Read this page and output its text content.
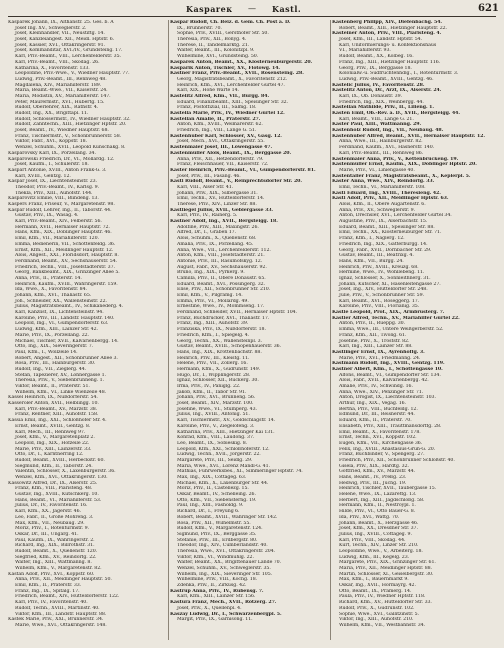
Kaspareк — Kastl.	621
Kasparek Johann, IX., Althanstr. 25. Ges. b. A
Josef Ing. XV., Schweglerstr. 2.
Josef, Kleinhändler, VII., Neustiftg. 14.
Josef, Kanzleiangest. XII., Meidl. Hptstr. 6.
Josef, Kassier, XVI., Ottakringerstr. 91.
Josef, Kommanditär, XVI./IV., Grundsteing. 17.
Karl, Priv.-Beamt., VIII., Lerchenfelderstr. 35.
Karl, Priv.-Beamt., VIII., Skodag. 26.
Katharina, X., Favoritenstr. 133.
Leopoldine, Priv.-Wwe., V., Wiedner Hauptstr. 77.
Ludwig, Priv.-Beamt., III., Rennweg 48.
Magdalena, XIV., Mariahilferstr. 189.
Maria, Beamt.-Wwe., VII., Kaiserstr. 24.
Maria, Modistin, XV., Mariahilferstr. 147.
Peter, Maurermstr., XVI., Hubertg. 15.
Rudolf, Oberlehrer, XIX., Rathstr. 4.
Rudolf, Ing., XX., Brigittapl. 11.
Rudolf, Schlossermstr., IV., Wiedner Hauptstr. 32.
Rudolf, Zahntechn., XIII., Hietzinger Hptstr. 20.
Josef, Beamt., IV., Wiedner Hauptstr. 68.
Franz, Tischlermstr., V., Schönbrunnerstr. 58.
Viktor, Fabr., XVI., Koppstr. 18.
Wenzel, Schuhm., XVII., Leopold Kunschakg. 8.
Kasparovsky Karl, IX., Porzellang. 34.
Kasparowski Friedrich, Dr., VI., Mollardg. 12.
Josef, Kaufm., I., Schulerstr. 18.
Kaspart Antonie, XVIII., Anton Frank-G. 3.
Karl, XVIII., Gentzg. 12.
Kaspar Josef, IX., Liechtensteinstr. 23.
Theodor, Priv.-Beamt., IV., Karlsg. 9.
Thekla, Priv., XIII., Auhofstr. 144.
Kasparovitz Emilie, VIII., Blindeng. 13.
Kaspers Franz, Friseur, V., Margaretenstr. 98.
Kaspar Rudolf, Lehrer, Ing., II., Taborstr. 44.
Gustav, Priv., IX., Wasag. 4.
Karl, Priv.-Beamt., XIV., Felberstr. 56.
Hermann, XVII., Hernalser Hauptstr. 72.
Hans, Kfm., XIX., Döblinger Hauptstr. 46.
Emil, Kfm., VII., Mariahilferstr. 120.
Emma, Bedienerin, VII., Schottenfeldg. 36.
Ernst, Kfm., XII., Meidlinger Hauptstr. 12.
Alois, Angest., XXI., Floridsdorf, Hauptstr. 8.
Ferdinand, Beamt., XV., Sechshauserstr. 54.
Friedrich, Techn., VIII., Josefstädterstr. 37.
Georg, Bankbeamt., XIX., Grinzinger Allee 5.
Anna, Priv., II., Praterstr. 14.
Heinrich, Kaufm., XVIII., Währingerstr. 159.
Ida, Wwe., X., Favoritenstr. 84.
Johann, Kfm., XVI., Thaliastr. 65.
Joh., Schneider, XX., Wallensteinstr. 22.
Julius, Magistratsbeamt., IV., Schikanederg. 4.
Karl, Kanzlist, IX., Lichtensteinstr. 94.
Karoline, Priv., III., Landstr. Hauptstr. 140.
Leopold, Ing., VI., Gumpendorferstr. 63.
Ludwig, Kfm., XIII., Lainzer Str. 42.
Marie, Priv., IX., Porzellang. 22.
Michael, Tischler, XVII., Kalvarienbergg. 14.
Otto, Ing., XIX., Sieveringerstr. 7.
Paul, Kfm., I., Wollzeile 14.
Robert, Angest., XII., Schönbrunner Allee 3.
Rosa, Priv., III., Hainburgerstr. 30.
Rudolf, Ing., VII., Zieglerg. 44.
Stefan, Tapezierer, XV., Löhnergasse 1.
Theresia, Priv., V., Siebenbrunneng. 1.
Viktor, Beamt., II., Praterstr. 51.
Wilhelm, Kfm., VI., Linke Wienzeile 48.
Kassel Heinrich, IX., Nußdorferstr. 54.
Kasseroler Anton, XVII., Helblingg. 10.
Karl, Priv.-Beamt., XV., Märzstr. 38.
Franz, Rentner, XIII., Auhofstr. 158.
Kassia Emil, Ing., XXI., Schloßhofer Str. 4.
Ernst, Beamt., XVIII., Gentzg. 8.
Karl, Mech., III., Rennweg 97.
Josef, Kfm., V., Margaretenplatz 2.
Leopold, Ing., XIX., Hofzeile 22.
Marie, Priv., XIII., Lainzerstr. 33.
Otto, Dr., I., Kärntnerring 12.
Rudolf, Beamt., XVIII., Herbeckstr. 60.
Siegmund, Kfm., II., Taborstr. 24.
Valentin, Schlosser, X., Laxenburgerstr. 36.
Wenzel, Kfm., XVI., Ottakringerstr. 130.
Kassowitz Alfred, Dr., IX., Alserstr. 25.
Franz, Kfm., VIII., Piaristeng. 48.
Gustav, Ing., XVIII., Kutschkerg. 10.
Hans, Beamt., VI., Mariahilferstr. 53.
Julius, Dr., IV., Favoritenstr. 16.
Karl, Kfm., XX., Jägerstr. 46.
Leo, Fabr., II., Große Mohreng. 3.
Max, Kfm., VII., Neubaug. 29.
Moriz, Priv., I., Rotenturmstr. 9.
Oskar, Dr., III., Ungarg. 41.
Paul, Kaufm., IX., Währingerstr. 2.
Richard, Ing., XIX., Billrothstr. 31.
Rudolf, Beamt., X., Quellenstr. 120.
Siegfried, Kfm., XV., Reindorfg. 22.
Walter, Ing., XIII., Wattmanng. 8.
Wilhelm, Kfm., V., Margaretenstr. 82.
Kastan Adolf, Priv., XVI., Koppstr. 60.
Anna, Priv., XII., Meidlinger Hauptstr. 50.
Emil, Kfm., II., Praterstr. 33.
Franz, Ing., IX., Spitalg. 17.
Friedrich, Beamt., XIV., Hütteldorferstr. 122.
Karl, Priv., IV., Favoritenstr. 40.
Rudolf, Techn., XVIII., Martinstr. 40.
Viktor, Kfm., III., Landstr. Hauptstr. 88.
Kastek Marie, Priv., XXI., Brünnerstr. 34.
Marie, Wwe., XVI., Ottakringerstr. 148.
Kaspar Rudolf, Ch. Beiz. d. Gem. Ch. Post a. D.
IX., Brünnerstr. 70.
Sophie, Priv., XVIII., Gersthofer Str. 50.
Theresia, Priv., XII., Bonyg. 4.
Therese, II., Tandelmarktg. 21.
Walter, Beamt., III., Kolonitzpl. 9.
Wilhelmine, XVI., Grundsteing. 50.
Kasparek Anton, Beamt., XX., Klosterneuburgerstr. 20.
Kasparik Anton, Tischler, XV., Flotowg. 14.
Kastner Franz, Priv.-Beamt., XVII., Rosensteing. 28.
Georg, Magistratsbeamt., X., Favoritenstr. 212.
Heinrich, Kfm., XVI., Lerchenfelder Gürtel 47.
Karl, XIX., Hohe Warte 14.
Kastelitz Alfred, Kfm., VII., Burgg. 84.
Eduard, Finanzbeamt., XIII., Speisinger Str. 32.
Franz, Postoffizial, III., Salmg. 18.
Kastella Marie, Priv., IV., Wiedner Gürtel 12.
Kastellan Amalie, II., Praterstr. 27.
Anton, Kfm., XVIII., Weimarerstr. 62.
Friedrich, Ing., VIII., Lange G. 51.
Kastenhuber Karl, Schlosser, XV., Gasg. 12.
Josef, Mech., XVI., Ottakringerstr. 55.
Kastenmaier Josef, III., Löwengasse 47.
Kastenmüller Alois, Beamt., IX., Berggasse 20.
Anna, Priv., XII., Hetzendorferstr. 79.
Franz, Fleischhauer, VII., Kaiserstr. 72.
Kaster Heinrich, Priv.-Beamt., VI., Gumpendorferstr. 81.
Josef, Priv., III., Fasang. 46.
Kastl Rudolf, Beamt., V., Reinprechtsdorfer Str. 20.
Karl, VIII., Alser Str. 41.
Johann, Priv., XIX., Silbergasse 31.
Emil, Techn., XV., Hütteldorferstr. 14.
Therese, Priv., XIV., Linzer Str. 88.
Kastliegel Julius, XVII., Geblergasse 33.
Karl, Priv., IV., Rainerg. 5.
Kastner Adolf, Ing., XVII., Bergsteigg. 18.
Adolfine, Priv., XIII., Maxingstr. 26.
Alfred, Dr., I., Graben 17.
Alois, Schuhm., X., Quellenstr. 68.
Amalia, Priv., IX., Porzellang. 45.
Anna, Wwe., VII., Lerchenfelderstr. 112.
Anton, Kfm., VIII., Josefstädterstr. 21.
Antonie, Priv., III., Rasumofskyg. 12.
August, Fabr., XV., Sechshauserstr. 92.
Bruno, Ing., XIX., Pyrkerg. 9.
Camilla, Priv., II., Obere Donaustr. 65.
Eduard, Beamt., XVI., Possingerg. 32.
Elise, Priv., XII., Schönbrunner Str. 210.
Emil, Kfm., V., Pilgramg. 14.
Emma, Priv., VI., Mollardg. 49.
Ernestine, Wwe., IV., Mommseng. 17.
Ferdinand, Schneider, XVII., Hernalser Hptstr. 104.
Franz, Buchdrucker, XVI., Thaliastr. 17.
Franz, Ing., XIII., Auhofstr. 39.
Franziska, Priv., IX., Nußdorferstr. 18.
Friedrich, Kfm., I., Spiegelg. 4.
Georg, Techn., XX., Wallensteinpl. 3.
Gustav, Beamt., XVIII., Schopenhauerstr. 36.
Hans, Ing., XIX., Krottenbachstr. 88.
Heinrich, Priv., III., Kleistg. 11.
Helene, Priv., VII., Zollerg. 16.
Hermann, Kfm., X., Gudrunstr. 149.
Hugo, Dr., I., Wipplingerstr. 28.
Ignaz, Schlosser, XII., Ruckerg. 30.
Irma, Priv., IV., Paniglg. 22.
Jakob, Kfm., II., Tabor Str. 91.
Johann, Priv., XVI., Brunneng. 56.
Josef, Beamt., XIV., Märzstr. 100.
Josefine, Wwe., VI., Stumperg. 43.
Julius, Ing., XVIII., Antonig. 51.
Karl, Tischlermstr., XV., Goldschlagstr. 14.
Karoline, Priv., V., Ziegelofeng. 3.
Katharina, Priv., XIII., Hietzinger Kai 131.
Konrad, Kfm., VIII., Laudong. 37.
Leo, Beamt., IX., Sobieskig. 8.
Leopold, Kfm., XXI., Schloßhoferstr. 12.
Ludwig, Techn., XVII., Jörgerstr. 22.
Margarete, Priv., III., Seidlg. 29.
Maria, Wwe., XVI., Lorenz Mandl-G. 41.
Mathias, Fuhrwerksbes., XI., Simmeringer Hptstr. 74.
Max, Ing., XIX., Cottageg. 63.
Michael, Kfm., X., Laxenburger Str. 44.
Moriz, Priv., II., Castellezg. 15.
Oskar, Beamt., IV., Schelleing. 26.
Otto, Kfm., VII., Siebensterng. 19.
Paul, Ing., XIII., Fasholdg. 9.
Richard, Dr., I., Freyung 6.
Robert, Beamt., XVIII., Währinger Str. 142.
Rosa, Priv., XII., Wilhelmstr. 55.
Rudolf, Kfm., V., Margaretenstr. 124.
Sigmund, Priv., IX., Berggasse 35.
Stefanie, Priv., III., Erdbergstr. 80.
Theodor, Ing., XIV., Cumberlandstr. 40.
Theresia, Wwe., XVI., Ottakringerstr. 204.
Viktor, Kfm., VI., Windmühlg. 22.
Walter, Beamt., XX., Brigittenauer Lände 70.
Wenzel, Schuhm., XV., Schweglerstr. 35.
Wilhelm, Ing., XIX., Sieveringer Str. 105.
Wilhelmine, Priv., VIII., Kochg. 18.
Zdenka, Priv., II., Zirkusg. 42.
Kastrup Anna, Priv., IV., Rubensg. 7.
Karl, Kfm., XIII., Lainzer Str. 156.
Kastura Franz, Mech., XVII., Rötzerg. 27.
Josef, Priv., X., Quellenpl. 4.
Kaszay Ludwig, Dr., I., Schwarzenbergpl. 5.
Margit, Priv., IX., Garnisong. 11.
Kastenberg Philipp, XIV., Diefenbachg. 54.
Robert, Beamt., XIII., Hietzinger Hauptstr. 22.
Kasteiner Anton, Priv., VIII., Piaristeng. 4.
Josef, Kfm., III., Landstr. Hptstr. 54.
Karl, Uniformierungs- u. Konfektionshaus
VI., Mariahilferstr. 93.
Rudolf, Beamt., XX., Kolbeg. 16.
Franz, Ing., XIII., Hietzinger Hauptstr. 116.
Georg, Priv., IX., Berggasse 18.
Kolonialw.-u. Südfrüchtenhdlg., I., Rotenturmstr. 3.
Ludwig, Priv.-Beamt., XVIII., Gentzg. 46.
Kastelic Julius, IV., Favoritenstr. 28.
Kastelitz Anton, Dr., Arzt, IX., Alserstr. 24.
Karl, IX., Ob. Donaustr. 39.
Friedrich, Ing., XIX., Weinbergg. 44.
Kastellan Mathilde, Priv., II., Lilieng. 1.
Kasten Emil, Ob.-Rev. a. D., XVII., Bergsteigg. 44.
Karl, Beamt., VIII., Lange G. 21.
Kaster Paul, XIII., Wattmanng. 29.
Kastenholz Rudolf, Ing., VII., Neubaug. 48.
Kastenhuber Alfred, Beamt., XVII., Hernalser Hauptstr. 12.
Anna, Wwe., III., Hainburgerstr. 82.
Ferdinand, Kaufm., XVI., Hasnerstr. 140.
Karl, Priv.-Beamt., III., Rennweg 86.
Kastenmaier Anna, Priv., V., Kettenbrückeng. 19.
Kastenmüller Ernst, Kaufm., XIX., Döblinger Hptstr. 20.
Marie, Priv., VI., Liniengasse 40.
Kastentaller Franz, Magistratsbeamt., X., Keplerpl. 5.
Kaster Anna, Wwe., XIV., Reindorfg. 33.
Emil, Techn., VI., Mariahilferstr. 108.
Kasti Eduard, Ing., XVIII., Theresieng. 42.
Kastl Adolf, Priv., XII., Meidlinger Hptstr. 63.
Alois, Kfm., II., Obere Augartenstr. 6.
Anna, Priv., XV., Schweglerstr. 9.
Anton, Drechsler, XVI., Lerchenfelder Gürtel 34.
Augustine, Priv., IX., Alserbachstr. 15.
Eduard, Beamt., XIII., Speisinger Str. 88.
Emil, Techn., XX., Klosterneuburger Str. 71.
Franz, Kfm., I., Naglerg. 12.
Friedrich, Ing., XIX., Gatterburgg. 14.
Georg, Fabr., XVII., Dornbacher Str. 29.
Gustav, Beamt., III., Beatrixg. 4.
Hans, Kfm., VII., Burgg. 24.
Heinrich, Priv., XVIII., Kreuzg. 68.
Hermine, Wwe., IV., Wohllebeng. 11.
Ignaz, Schlosser, X., Sonnleithnerg. 31.
Johann, Kutscher, XI., Hasenleitengasse 27.
Josef, Ing., XIV., Hütteldorfer Str. 248.
Julie, Priv., V., Schönbrunner Str. 59.
Karl, Beamt., XVI., Roseggerg. 17.
Karoline, Priv., VIII., Florianig. 35.
Kastlé Leopold, Prof., XIX., Armbrusterg. 7.
Kastler Alfred, Techn., XV., Mariahilfer Gürtel 22.
Anton, Priv., II., Rueppg. 30.
Emma, Wwe., III., Untere Weißgerberstr. 52.
Franz, Kfm., XII., Tivolig. 61.
Josefine, Priv., X., Troststr. 82.
Karl, Ing., XIII., Lainzer Str. 88.
Kastlinger Ernst, IX., Ayrenhoffg. 3.
Marie, Priv., XVI., Friedmanng. 24.
Kastmann Rudolf, Ing., XVIII., Gentzg. 119.
Kastner Albert, Kfm., I., Schottengasse 10.
Alfons, Beamt., VI., Gumpendorfer Str. 134.
Alois, Fabr., XVII., Kalvarienbergg. 42.
Amalie, Priv., IV., Schwindg. 16.
Anna, Wwe., XIV., Penzinger Str. 71.
Anton, Drogist, IX., Liechtensteinstr. 103.
Arthur, Ing., XIX., Vegag. 16.
Bertha, Priv., VIII., Buchfeldg. 12.
Edmund, Dr., III., Reisnerstr. 44.
Eduard, Kfm., II., Praterstr. 70.
Elisabeth, Priv., XIII., Trauttmansdorffg. 28.
Emil, Beamt., X., Favoritenstr. 178.
Ernst, Techn., XVI., Koppstr. 102.
Eugen, Kfm., VII., Kirchengasse 36.
Felix, Ing., XVIII., Anastasius-Grün-G. 20.
Franz, Buchbinder, V., Spengerg. 27.
Friedrich, Priv., XII., Schönbrunner Schloßstr. 40.
Gisela, Priv., XIX., Hardtg. 32.
Gottfried, Kfm., XV., Märzstr. 44.
Hans, Beamt., IV., Preßg. 23.
Hedwig, Priv., III., Juchg. 19.
Heinrich, Tischler, XVII., Taubergasse 15.
Helene, Wwe., IX., Lazarettg. 13.
Herbert, Ing., XIII., Jagdschloßg. 58.
Hermann, Kfm., II., Nestroypl. 1.
Hilde, Priv., VI., Otto Bauer-G. 8.
Ida, Priv., XVI., Wattg. 70.
Johann, Beamt., X., Herzgasse 46.
Josef, Kfm., XX., Dresdner Str. 37.
Julius, Ing., XVIII., Cottageg. 9.
Karl, Priv., VIII., Skodag. 44.
Kurt, Techn., XIV., Linzer Str. 210.
Leopoldine, Wwe., V., Arbeiterg. 18.
Ludwig, Kfm., III., Kegelg. 23.
Margarete, Priv., XIX., Grinzinger Str. 61.
Maria, Priv., XII., Meidlinger Hptstr. 88.
Martin, Schlosser, XI., Geiselbergstr. 30.
Max, Kfm., I., Bauernmarkt 9.
Oskar, Ing., XVII., Hormayrg. 42.
Otto, Beamt., IX., Pramerg. 14.
Paula, Priv., IV., Wiedner Hptstr. 118.
Richard, Kfm., XV., Hütteldorfer Str. 33.
Rudolf, Priv., X., Gudrunstr. 102.
Sophie, Wwe., XVI., Gallitzinstr. 5.
Viktor, Ing., XIII., Auhofstr. 210.
Wilhelm, Kfm., VII., Westbahnstr. 34.
